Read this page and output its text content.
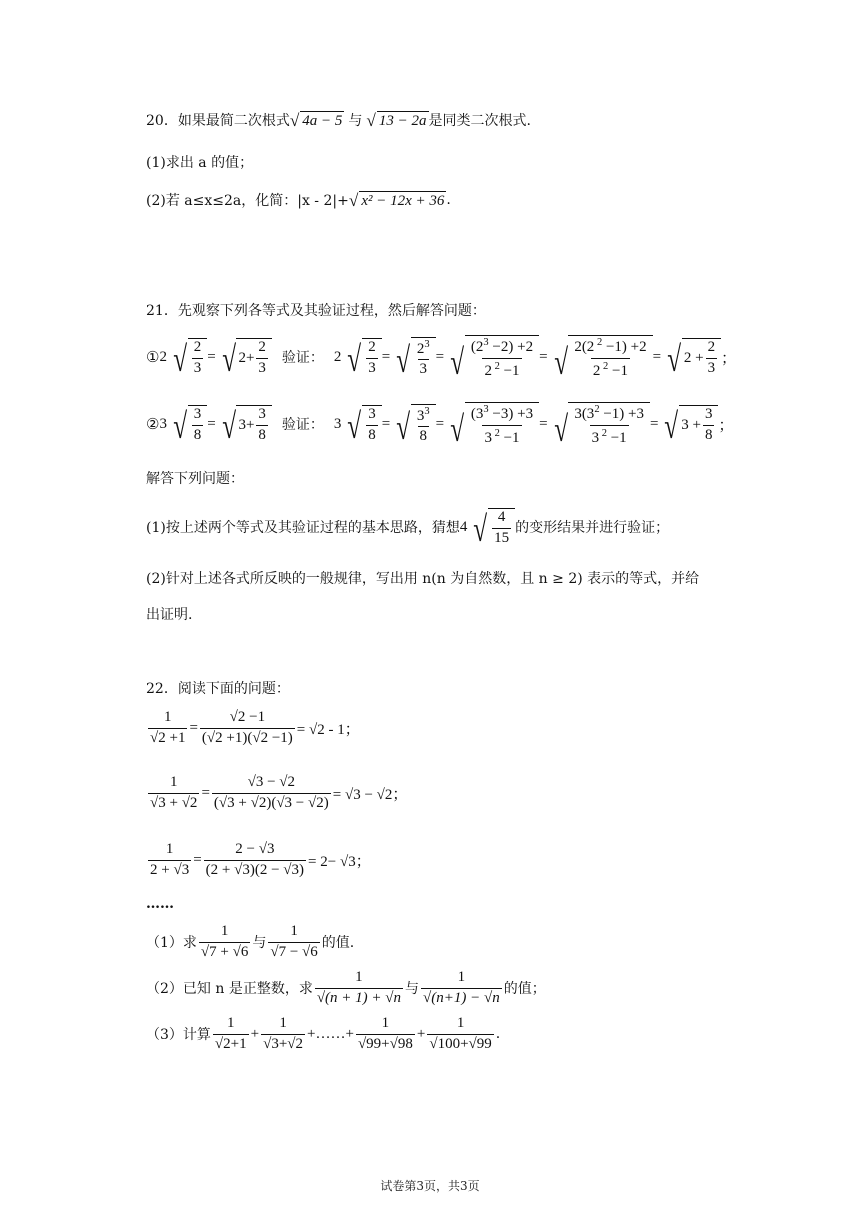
20．如果最简二次根式 √ 4a − 5 与 √ 13 − 2a 是同类二次根式.
(1)求出 a 的值；
(2)若 a≤x≤2a，化简：|x - 2|+ √ x² − 12x + 36 .
21．先观察下列各等式及其验证过程，然后解答问题：
① 2 √ $\frac{2}{3}$ = √ $2+ \frac{2}{3}$ 验证： 2 √ $\frac{2}{3}$ = √ $\frac{2^3}{3}$ = √ $\frac{(2^3 -2) +2}{2 ^2 -1}$ = √ $\frac{2(2 ^2 -1) +2}{2 ^2 -1}$ = √ $2 + \frac{2}{3}$ ；
② 3 √ $\frac{3}{8}$ = √ $3+ \frac{3}{8}$ 验证： 3 √ $\frac{3}{8}$ = √ $\frac{3^3}{8}$ = √ $\frac{(3^3 -3) +3}{3 ^2 -1}$ = √ $\frac{3(3^2 -1) +3}{3 ^2 -1}$ = √ $3 + \frac{3}{8}$ ；
解答下列问题：
(1)按上述两个等式及其验证过程的基本思路，猜想 4 √ $\frac{4}{15}$ 的变形结果并进行验证；
(2)针对上述各式所反映的一般规律，写出用 n(n 为自然数，且 n ≥ 2) 表示的等式，并给
出证明.
22．阅读下面的问题：
$\frac{1}{√2 +1} = \frac{√2 -1}{(√2 +1)(√2 -1)} = √2 - 1$；
$\frac{1}{√3 + √2} = \frac{√3 - √2}{(√3 + √2)(√3 - √2)} = √3 - √2$；
$\frac{1}{2 + √3} = \frac{2 - √3}{(2 + √3)(2 - √3)} = 2- √3$；
……
（1）求 $\frac{1}{√7 + √6}$ 与 $\frac{1}{√7 - √6}$ 的值.
（2）已知 n 是正整数，求 $\frac{1}{√(n + 1) + √n}$ 与 $\frac{1}{√(n+1) - √n}$ 的值；
（3）计算 $\frac{1}{√2+1} + \frac{1}{√3+√2}$ +……+ $\frac{1}{√99+√98} + \frac{1}{√100+√99}$ .
试卷第3页，共3页
